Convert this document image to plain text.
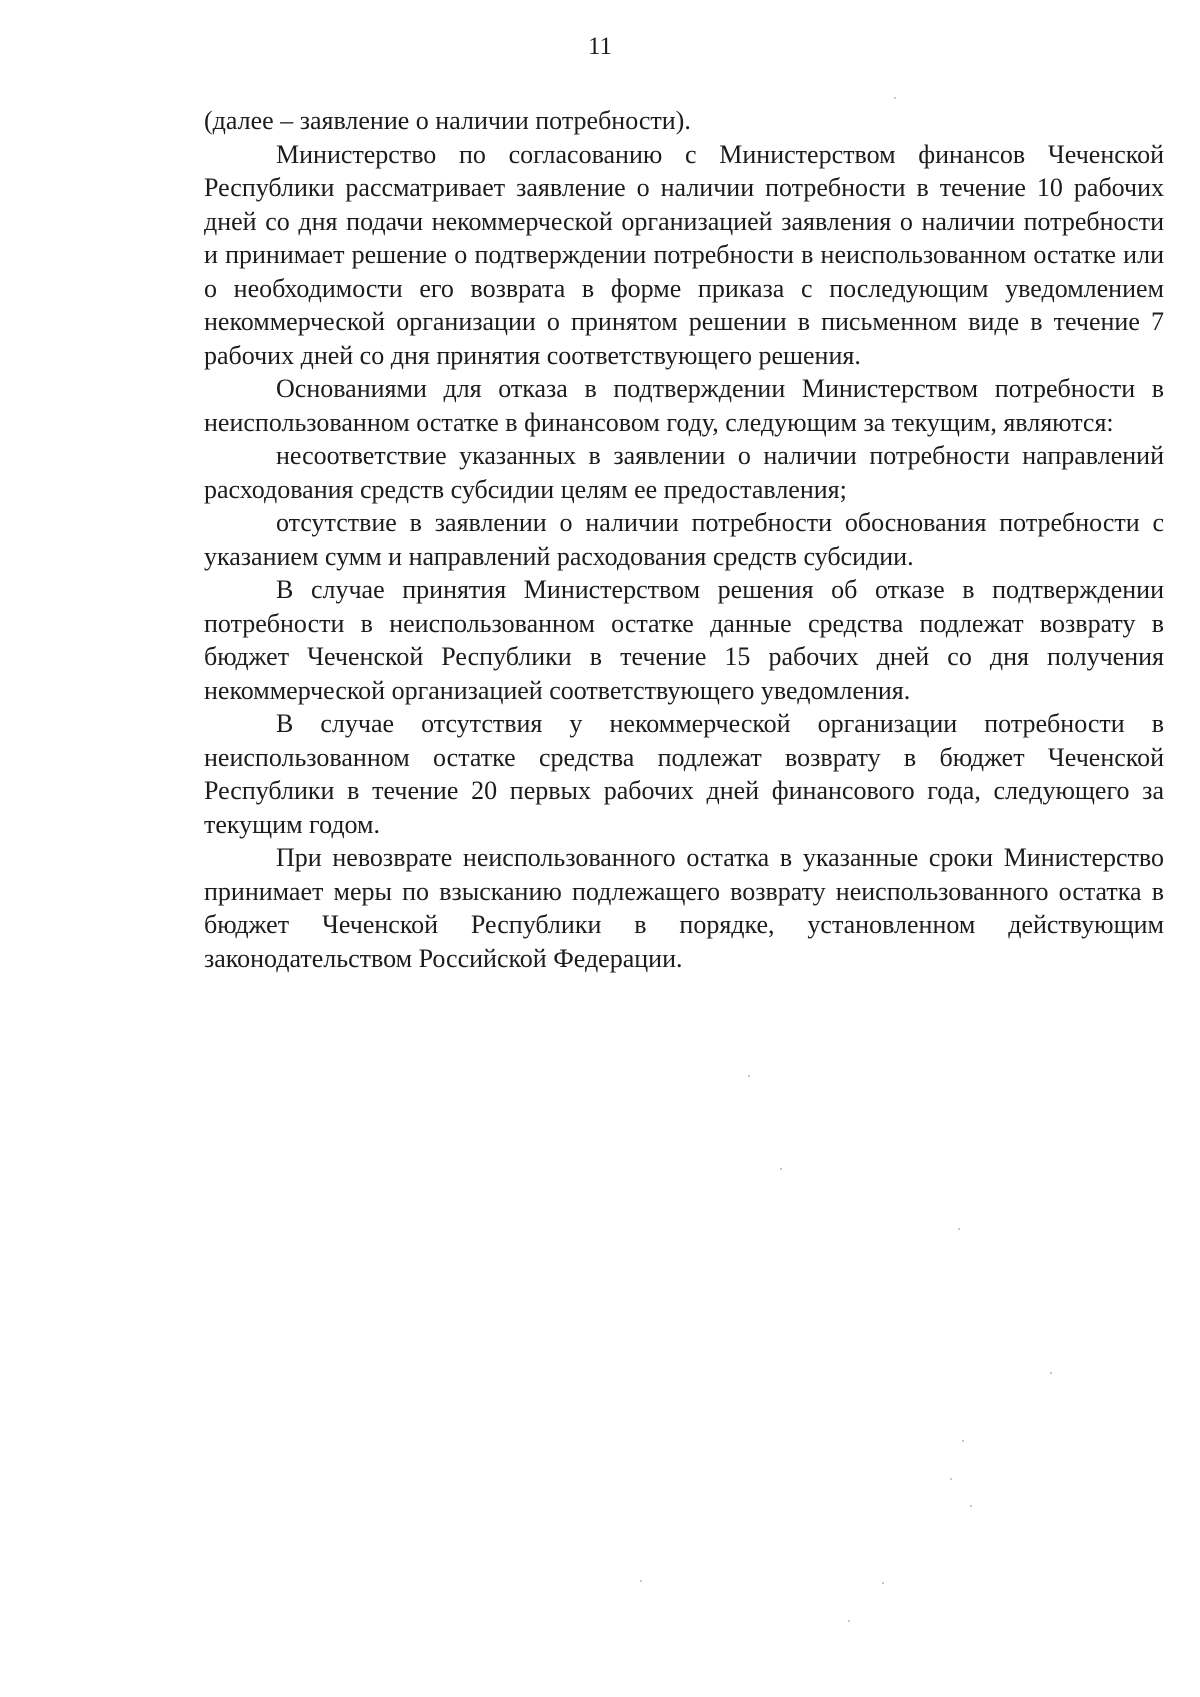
11

(далее – заявление о наличии потребности).

Министерство по согласованию с Министерством финансов Чеченской Республики рассматривает заявление о наличии потребности в течение 10 рабочих дней со дня подачи некоммерческой организацией заявления о наличии потребности и принимает решение о подтверждении потребности в неиспользованном остатке или о необходимости его возврата в форме приказа с последующим уведомлением некоммерческой организации о принятом решении в письменном виде в течение 7 рабочих дней со дня принятия соответствующего решения.

Основаниями для отказа в подтверждении Министерством потребности в неиспользованном остатке в финансовом году, следующим за текущим, являются:

несоответствие указанных в заявлении о наличии потребности направлений расходования средств субсидии целям ее предоставления;

отсутствие в заявлении о наличии потребности обоснования потребности с указанием сумм и направлений расходования средств субсидии.

В случае принятия Министерством решения об отказе в подтверждении потребности в неиспользованном остатке данные средства подлежат возврату в бюджет Чеченской Республики в течение 15 рабочих дней со дня получения некоммерческой организацией соответствующего уведомления.

В случае отсутствия у некоммерческой организации потребности в неиспользованном остатке средства подлежат возврату в бюджет Чеченской Республики в течение 20 первых рабочих дней финансового года, следующего за текущим годом.

При невозврате неиспользованного остатка в указанные сроки Министерство принимает меры по взысканию подлежащего возврату неиспользованного остатка в бюджет Чеченской Республики в порядке, установленном действующим законодательством Российской Федерации.
